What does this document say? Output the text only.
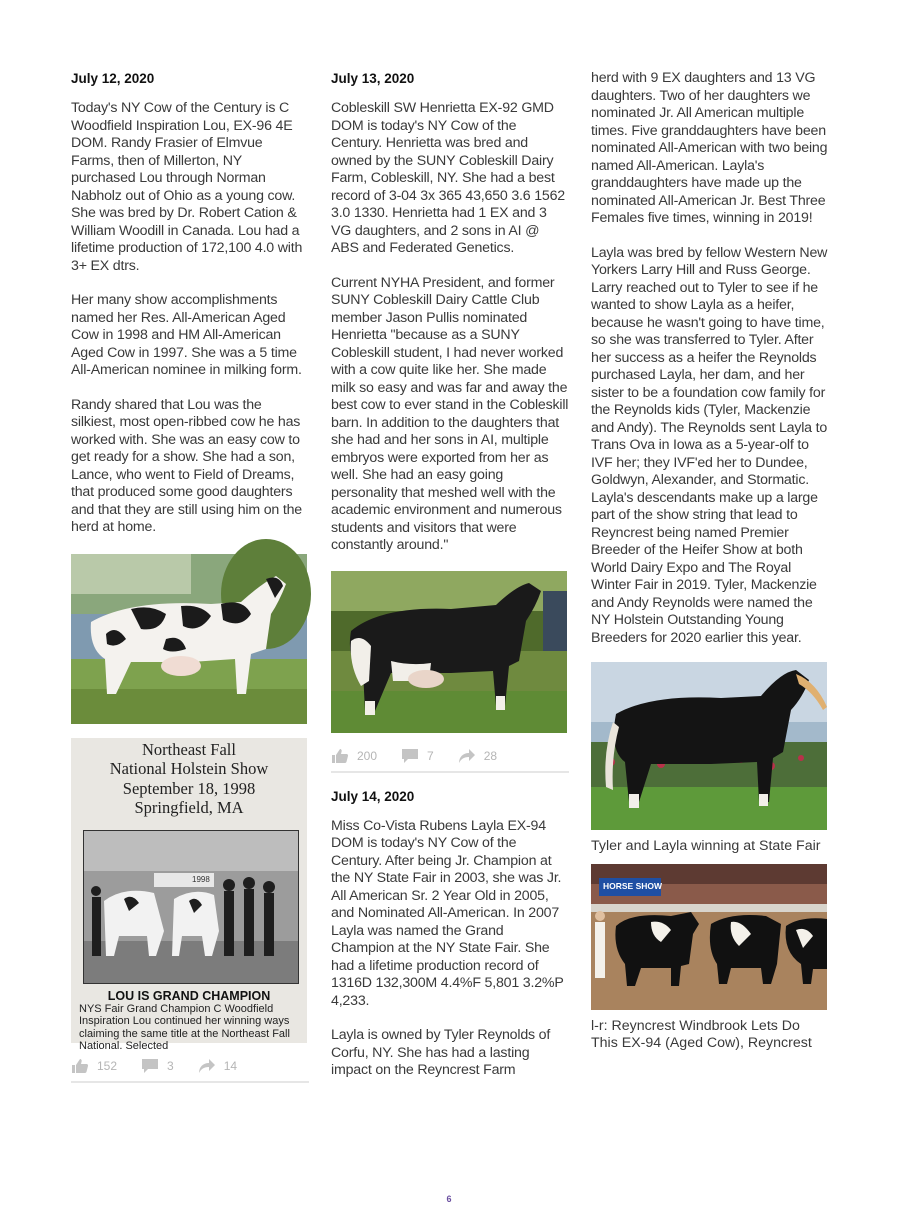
July 12, 2020

Today's NY Cow of the Century is C Woodfield Inspiration Lou, EX-96 4E DOM. Randy Frasier of Elmvue Farms, then of Millerton, NY purchased Lou through Norman Nabholz out of Ohio as a young cow. She was bred by Dr. Robert Cation & William Woodill in Canada. Lou had a lifetime production of 172,100 4.0 with 3+ EX dtrs.

Her many show accomplishments named her Res. All-American Aged Cow in 1998 and HM All-American Aged Cow in 1997. She was a 5 time All-American nominee in milking form.

Randy shared that Lou was the silkiest, most open-ribbed cow he has worked with. She was an easy cow to get ready for a show. She had a son, Lance, who went to Field of Dreams, that produced some good daughters and that they are still using him on the herd at home.

Northeast Fall
National Holstein Show
September 18, 1998
Springfield, MA
1998
LOU IS GRAND CHAMPION
NYS Fair Grand Champion C Woodfield Inspiration Lou continued her winning ways claiming the same title at the Northeast Fall National. Selected
152	3	14
July 13, 2020

Cobleskill SW Henrietta EX-92 GMD DOM is today's NY Cow of the Century. Henrietta was bred and owned by the SUNY Cobleskill Dairy Farm, Cobleskill, NY. She had a best record of 3-04 3x 365 43,650 3.6 1562 3.0 1330. Henrietta had 1 EX and 3 VG daughters, and 2 sons in AI @ ABS and Federated Genetics.

Current NYHA President, and former SUNY Cobleskill Dairy Cattle Club member Jason Pullis nominated Henrietta "because as a SUNY Cobleskill student, I had never worked with a cow quite like her. She made milk so easy and was far and away the best cow to ever stand in the Cobleskill barn. In addition to the daughters that she had and her sons in AI, multiple embryos were exported from her as well. She had an easy going personality that meshed well with the academic environment and numerous students and visitors that were constantly around."

200	7	28
July 14, 2020

Miss Co-Vista Rubens Layla EX-94 DOM is today's NY Cow of the Century. After being Jr. Champion at the NY State Fair in 2003, she was Jr. All American Sr. 2 Year Old in 2005, and Nominated All-American. In 2007 Layla was named the Grand Champion at the NY State Fair. She had a lifetime production record of 1316D 132,300M 4.4%F 5,801 3.2%P 4,233.

Layla is owned by Tyler Reynolds of Corfu, NY. She has had a lasting impact on the Reyncrest Farm

herd with 9 EX daughters and 13 VG daughters. Two of her daughters we nominated Jr. All American multiple times. Five granddaughters have been nominated All-American with two being named All-American. Layla's granddaughters have made up the nominated All-American Jr. Best Three Females five times, winning in 2019!

Layla was bred by fellow Western New Yorkers Larry Hill and Russ George. Larry reached out to Tyler to see if he wanted to show Layla as a heifer, because he wasn't going to have time, so she was transferred to Tyler. After her success as a heifer the Reynolds purchased Layla, her dam, and her sister to be a foundation cow family for the Reynolds kids (Tyler, Mackenzie and Andy). The Reynolds sent Layla to Trans Ova in Iowa as a 5-year-olf to IVF her; they IVF'ed her to Dundee, Goldwyn, Alexander, and Stormatic. Layla's descendants make up a large part of the show string that lead to Reyncrest being named Premier Breeder of the Heifer Show at both World Dairy Expo and The Royal Winter Fair in 2019. Tyler, Mackenzie and Andy Reynolds were named the NY Holstein Outstanding Young Breeders for 2020 earlier this year.

Tyler and Layla winning at State Fair
HORSE SHOW
l-r: Reyncrest Windbrook Lets Do This EX-94 (Aged Cow), Reyncrest
6
